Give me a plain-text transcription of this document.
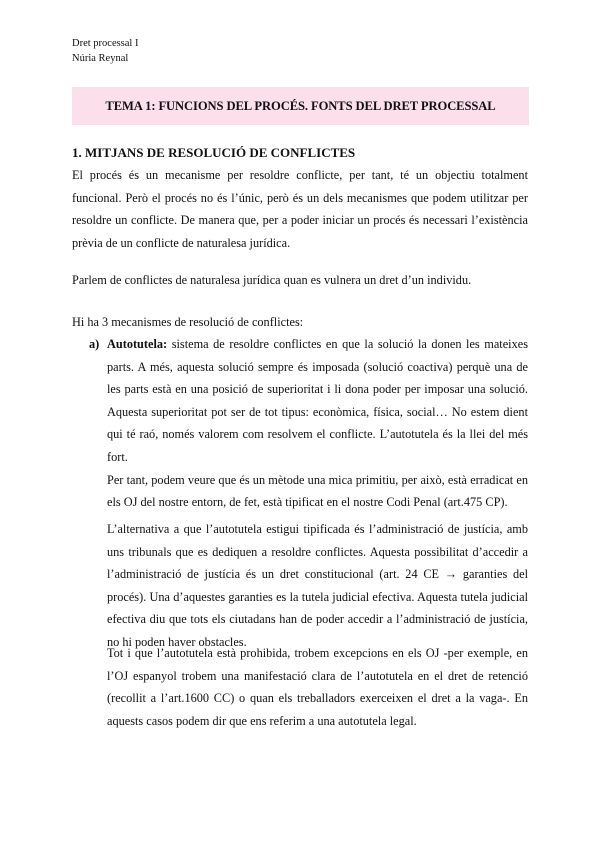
Dret processal I
Núria Reynal
TEMA 1: FUNCIONS DEL PROCÉS. FONTS DEL DRET PROCESSAL
1. MITJANS DE RESOLUCIÓ DE CONFLICTES

El procés és un mecanisme per resoldre conflicte, per tant, té un objectiu totalment funcional. Però el procés no és l’únic, però és un dels mecanismes que podem utilitzar per resoldre un conflicte. De manera que, per a poder iniciar un procés és necessari l’existència prèvia de un conflicte de naturalesa jurídica.

Parlem de conflictes de naturalesa jurídica quan es vulnera un dret d’un individu.

Hi ha 3 mecanismes de resolució de conflictes:

a) Autotutela: sistema de resoldre conflictes en que la solució la donen les mateixes parts. A més, aquesta solució sempre és imposada (solució coactiva) perquè una de les parts està en una posició de superioritat i li dona poder per imposar una solució. Aquesta superioritat pot ser de tot tipus: econòmica, física, social… No estem dient qui té raó, només valorem com resolvem el conflicte. L’autotutela és la llei del més fort.

Per tant, podem veure que és un mètode una mica primitiu, per això, està erradicat en els OJ del nostre entorn, de fet, està tipificat en el nostre Codi Penal (art.475 CP).

L’alternativa a que l’autotutela estigui tipificada és l’administració de justícia, amb uns tribunals que es dediquen a resoldre conflictes. Aquesta possibilitat d’accedir a l’administració de justícia és un dret constitucional (art. 24 CE → garanties del procés). Una d’aquestes garanties es la tutela judicial efectiva. Aquesta tutela judicial efectiva diu que tots els ciutadans han de poder accedir a l’administració de justícia, no hi poden haver obstacles.

Tot i que l’autotutela està prohibida, trobem excepcions en els OJ -per exemple, en l’OJ espanyol trobem una manifestació clara de l’autotutela en el dret de retenció (recollit a l’art.1600 CC) o quan els treballadors exerceixen el dret a la vaga-. En aquests casos podem dir que ens referim a una autotutela legal.
